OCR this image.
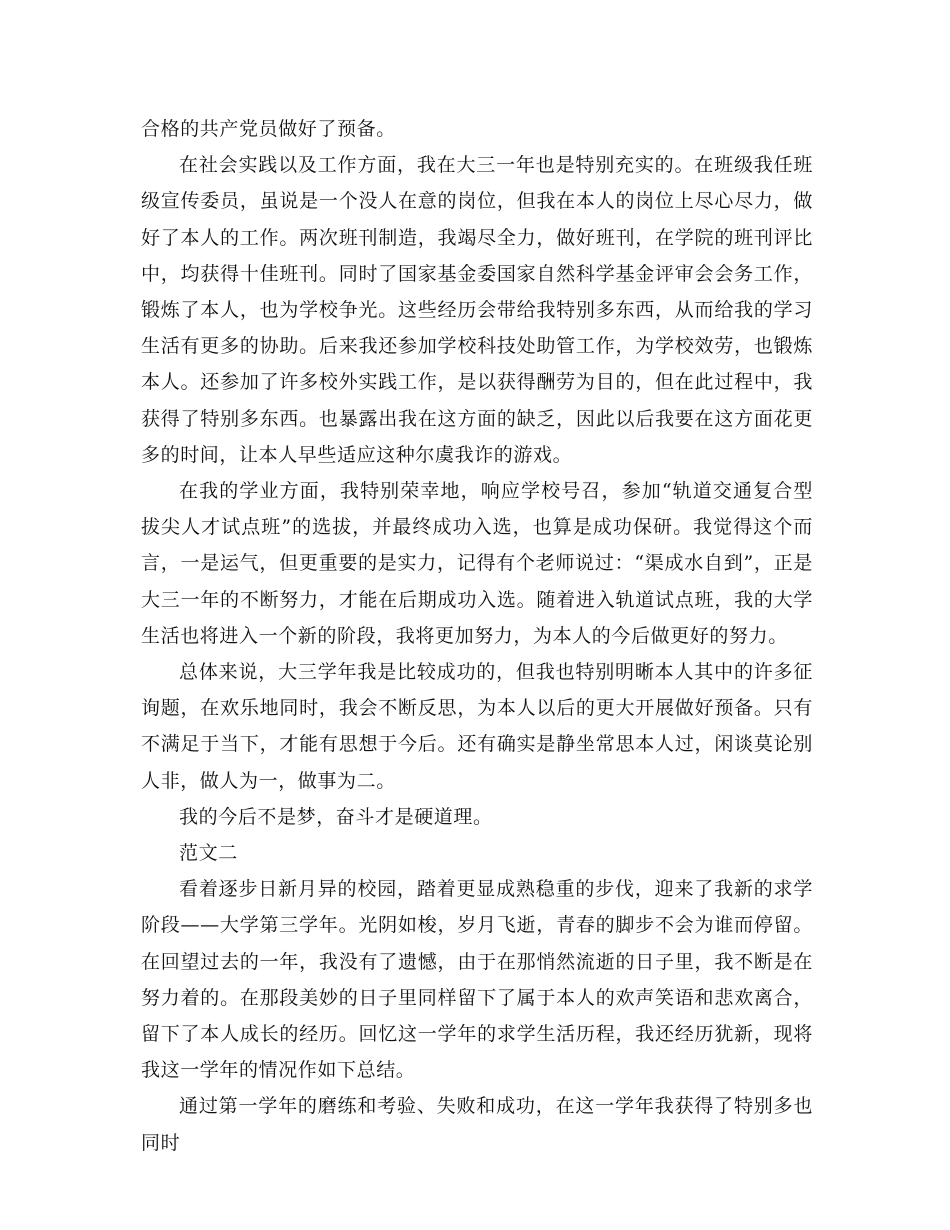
合格的共产党员做好了预备。

在社会实践以及工作方面，我在大三一年也是特别充实的。在班级我任班级宣传委员，虽说是一个没人在意的岗位，但我在本人的岗位上尽心尽力，做好了本人的工作。两次班刊制造，我竭尽全力，做好班刊，在学院的班刊评比中，均获得十佳班刊。同时了国家基金委国家自然科学基金评审会会务工作，锻炼了本人，也为学校争光。这些经历会带给我特别多东西，从而给我的学习生活有更多的协助。后来我还参加学校科技处助管工作，为学校效劳，也锻炼本人。还参加了许多校外实践工作，是以获得酬劳为目的，但在此过程中，我获得了特别多东西。也暴露出我在这方面的缺乏，因此以后我要在这方面花更多的时间，让本人早些适应这种尔虞我诈的游戏。

在我的学业方面，我特别荣幸地，响应学校号召，参加“轨道交通复合型拔尖人才试点班”的选拔，并最终成功入选，也算是成功保研。我觉得这个而言，一是运气，但更重要的是实力，记得有个老师说过：“渠成水自到”，正是大三一年的不断努力，才能在后期成功入选。随着进入轨道试点班，我的大学生活也将进入一个新的阶段，我将更加努力，为本人的今后做更好的努力。

总体来说，大三学年我是比较成功的，但我也特别明晰本人其中的许多征询题，在欢乐地同时，我会不断反思，为本人以后的更大开展做好预备。只有不满足于当下，才能有思想于今后。还有确实是静坐常思本人过，闲谈莫论别人非，做人为一，做事为二。

我的今后不是梦，奋斗才是硬道理。

范文二

看着逐步日新月异的校园，踏着更显成熟稳重的步伐，迎来了我新的求学阶段——大学第三学年。光阴如梭，岁月飞逝，青春的脚步不会为谁而停留。在回望过去的一年，我没有了遗憾，由于在那悄然流逝的日子里，我不断是在努力着的。在那段美妙的日子里同样留下了属于本人的欢声笑语和悲欢离合，留下了本人成长的经历。回忆这一学年的求学生活历程，我还经历犹新，现将我这一学年的情况作如下总结。

通过第一学年的磨练和考验、失败和成功，在这一学年我获得了特别多也同时
